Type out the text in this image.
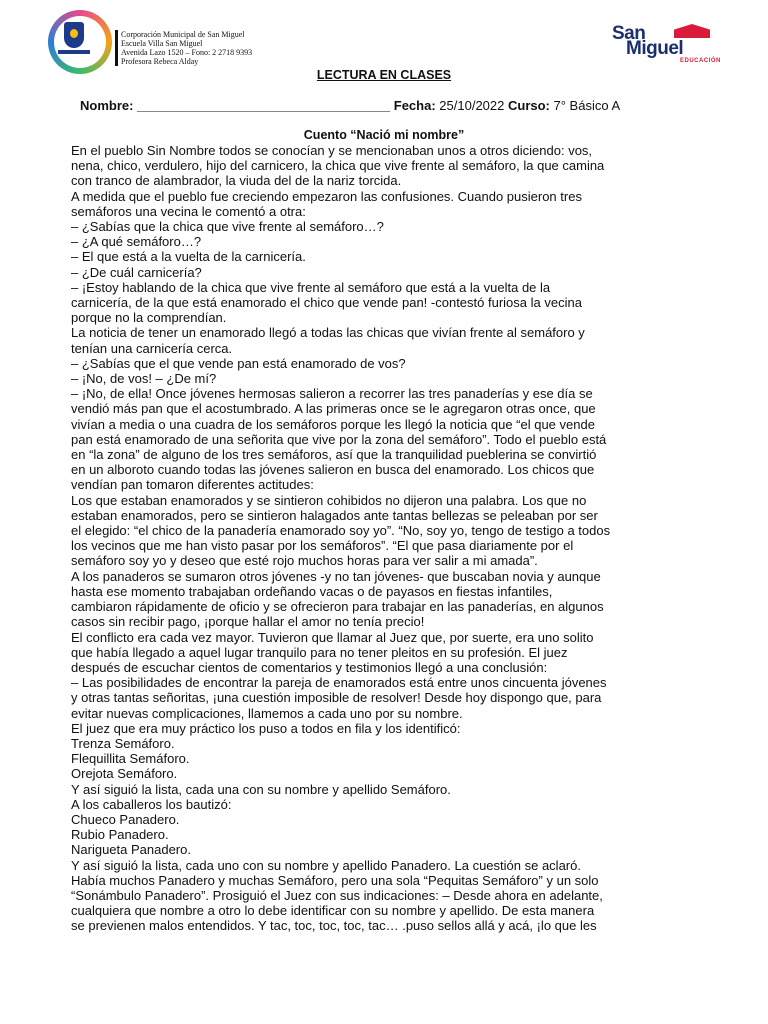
Corporación Municipal de San Miguel
Escuela Villa San Miguel
Avenida Lazo 1520 – Fono: 2 2718 9393
Profesora Rebeca Alday
San
Miguel
EDUCACIÓN
LECTURA EN CLASES
Nombre: ___________________________________ Fecha: 25/10/2022 Curso: 7° Básico A
Cuento “Nació mi nombre”
En el pueblo Sin Nombre todos se conocían y se mencionaban unos a otros diciendo: vos,
nena, chico, verdulero, hijo del carnicero, la chica que vive frente al semáforo, la que camina
con tranco de alambrador, la viuda del de la nariz torcida.
A medida que el pueblo fue creciendo empezaron las confusiones. Cuando pusieron tres
semáforos una vecina le comentó a otra:
– ¿Sabías que la chica que vive frente al semáforo…?
– ¿A qué semáforo…?
– El que está a la vuelta de la carnicería.
– ¿De cuál carnicería?
– ¡Estoy hablando de la chica que vive frente al semáforo que está a la vuelta de la
carnicería, de la que está enamorado el chico que vende pan! -contestó furiosa la vecina
porque no la comprendían.
La noticia de tener un enamorado llegó a todas las chicas que vivían frente al semáforo y
tenían una carnicería cerca.
– ¿Sabías que el que vende pan está enamorado de vos?
– ¡No, de vos! – ¿De mí?
– ¡No, de ella! Once jóvenes hermosas salieron a recorrer las tres panaderías y ese día se
vendió más pan que el acostumbrado. A las primeras once se le agregaron otras once, que
vivían a media o una cuadra de los semáforos porque les llegó la noticia que “el que vende
pan está enamorado de una señorita que vive por la zona del semáforo”. Todo el pueblo está
en “la zona” de alguno de los tres semáforos, así que la tranquilidad pueblerina se convirtió
en un alboroto cuando todas las jóvenes salieron en busca del enamorado. Los chicos que
vendían pan tomaron diferentes actitudes:
Los que estaban enamorados y se sintieron cohibidos no dijeron una palabra. Los que no
estaban enamorados, pero se sintieron halagados ante tantas bellezas se peleaban por ser
el elegido: “el chico de la panadería enamorado soy yo”. “No, soy yo, tengo de testigo a todos
los vecinos que me han visto pasar por los semáforos”. “El que pasa diariamente por el
semáforo soy yo y deseo que esté rojo muchos horas para ver salir a mi amada”.
A los panaderos se sumaron otros jóvenes -y no tan jóvenes- que buscaban novia y aunque
hasta ese momento trabajaban ordeñando vacas o de payasos en fiestas infantiles,
cambiaron rápidamente de oficio y se ofrecieron para trabajar en las panaderías, en algunos
casos sin recibir pago, ¡porque hallar el amor no tenía precio!
El conflicto era cada vez mayor. Tuvieron que llamar al Juez que, por suerte, era uno solito
que había llegado a aquel lugar tranquilo para no tener pleitos en su profesión. El juez
después de escuchar cientos de comentarios y testimonios llegó a una conclusión:
– Las posibilidades de encontrar la pareja de enamorados está entre unos cincuenta jóvenes
y otras tantas señoritas, ¡una cuestión imposible de resolver! Desde hoy dispongo que, para
evitar nuevas complicaciones, llamemos a cada uno por su nombre.
El juez que era muy práctico los puso a todos en fila y los identificó:
Trenza Semáforo.
Flequillita Semáforo.
Orejota Semáforo.
Y así siguió la lista, cada una con su nombre y apellido Semáforo.
A los caballeros los bautizó:
Chueco Panadero.
Rubio Panadero.
Narigueta Panadero.
Y así siguió la lista, cada uno con su nombre y apellido Panadero. La cuestión se aclaró.
Había muchos Panadero y muchas Semáforo, pero una sola “Pequitas Semáforo” y un solo
“Sonámbulo Panadero”. Prosiguió el Juez con sus indicaciones: – Desde ahora en adelante,
cualquiera que nombre a otro lo debe identificar con su nombre y apellido. De esta manera
se previenen malos entendidos. Y tac, toc, toc, toc, tac… .puso sellos allá y acá, ¡lo que les
